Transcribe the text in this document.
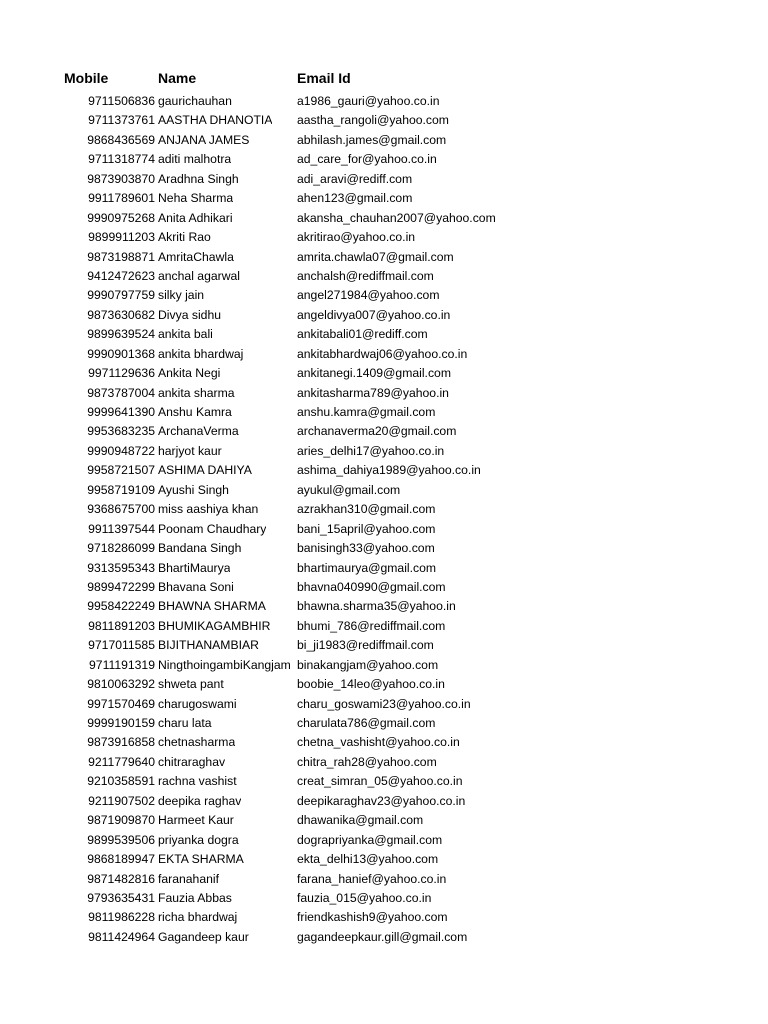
Mobile	Name	Email Id
9711506836 gaurichauhan	a1986_gauri@yahoo.co.in
9711373761 AASTHA DHANOTIA aastha_rangoli@yahoo.com
9868436569 ANJANA JAMES	abhilash.james@gmail.com
9711318774 aditi malhotra	ad_care_for@yahoo.co.in
9873903870 Aradhna Singh	adi_aravi@rediff.com
9911789601 Neha Sharma	ahen123@gmail.com
9990975268 Anita Adhikari	akansha_chauhan2007@yahoo.com
9899911203 Akriti Rao	akritirao@yahoo.co.in
9873198871 AmritaChawla	amrita.chawla07@gmail.com
9412472623 anchal agarwal	anchalsh@rediffmail.com
9990797759 silky jain	angel271984@yahoo.com
9873630682 Divya sidhu	angeldivya007@yahoo.co.in
9899639524 ankita bali	ankitabali01@rediff.com
9990901368 ankita bhardwaj	ankitabhardwaj06@yahoo.co.in
9971129636 Ankita Negi	ankitanegi.1409@gmail.com
9873787004 ankita sharma	ankitasharma789@yahoo.in
9999641390 Anshu Kamra	anshu.kamra@gmail.com
9953683235 ArchanaVerma	archanaverma20@gmail.com
9990948722 harjyot kaur	aries_delhi17@yahoo.co.in
9958721507 ASHIMA DAHIYA	ashima_dahiya1989@yahoo.co.in
9958719109 Ayushi Singh	ayukul@gmail.com
9368675700 miss aashiya khan	azrakhan310@gmail.com
9911397544 Poonam Chaudhary	bani_15april@yahoo.com
9718286099 Bandana Singh	banisingh33@yahoo.com
9313595343 BhartiMaurya	bhartimaurya@gmail.com
9899472299 Bhavana Soni	bhavna040990@gmail.com
9958422249 BHAWNA SHARMA	bhawna.sharma35@yahoo.in
9811891203 BHUMIKAGAMBHIR bhumi_786@rediffmail.com
9717011585 BIJITHANAMBIAR	bi_ji1983@rediffmail.com
9711191319 NingthoingambiKangjam binakangjam@yahoo.com
9810063292 shweta pant	boobie_14leo@yahoo.co.in
9971570469 charugoswami	charu_goswami23@yahoo.co.in
9999190159 charu lata	charulata786@gmail.com
9873916858 chetnasharma	chetna_vashisht@yahoo.co.in
9211779640 chitraraghav	chitra_rah28@yahoo.com
9210358591 rachna vashist	creat_simran_05@yahoo.co.in
9211907502 deepika raghav	deepikaraghav23@yahoo.co.in
9871909870 Harmeet Kaur	dhawanika@gmail.com
9899539506 priyanka dogra	dograpriyanka@gmail.com
9868189947 EKTA SHARMA	ekta_delhi13@yahoo.com
9871482816 faranahanif	farana_hanief@yahoo.co.in
9793635431 Fauzia Abbas	fauzia_015@yahoo.co.in
9811986228 richa bhardwaj	friendkashish9@yahoo.com
9811424964 Gagandeep kaur	gagandeepkaur.gill@gmail.com
